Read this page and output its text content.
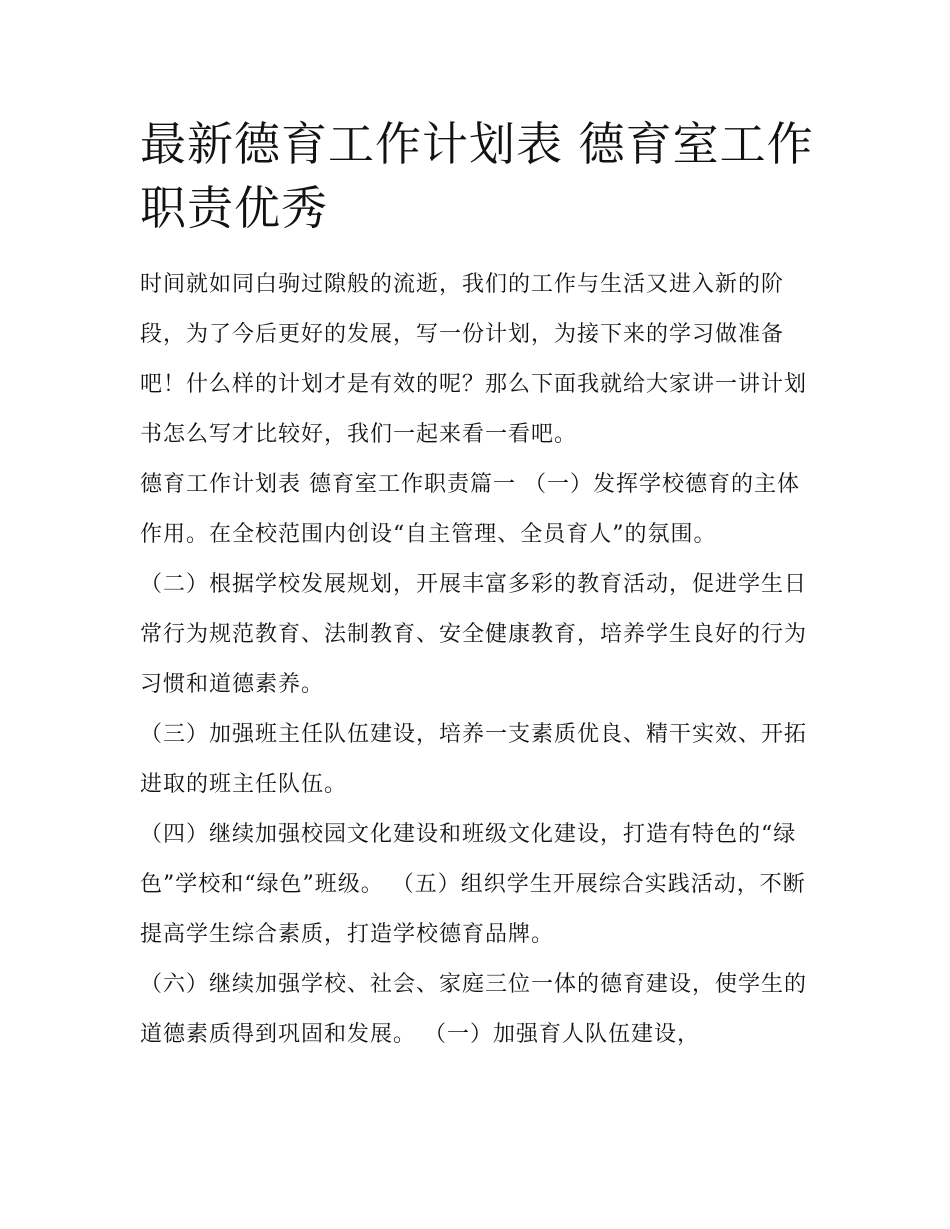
最新德育工作计划表 德育室工作职责优秀

时间就如同白驹过隙般的流逝，我们的工作与生活又进入新的阶段，为了今后更好的发展，写一份计划，为接下来的学习做准备吧！什么样的计划才是有效的呢？那么下面我就给大家讲一讲计划书怎么写才比较好，我们一起来看一看吧。

德育工作计划表 德育室工作职责篇一 （一）发挥学校德育的主体作用。在全校范围内创设“自主管理、全员育人”的氛围。

（二）根据学校发展规划，开展丰富多彩的教育活动，促进学生日常行为规范教育、法制教育、安全健康教育，培养学生良好的行为习惯和道德素养。

（三）加强班主任队伍建设，培养一支素质优良、精干实效、开拓进取的班主任队伍。

（四）继续加强校园文化建设和班级文化建设，打造有特色的“绿色”学校和“绿色”班级。 （五）组织学生开展综合实践活动，不断提高学生综合素质，打造学校德育品牌。

（六）继续加强学校、社会、家庭三位一体的德育建设，使学生的道德素质得到巩固和发展。 （一）加强育人队伍建设，
